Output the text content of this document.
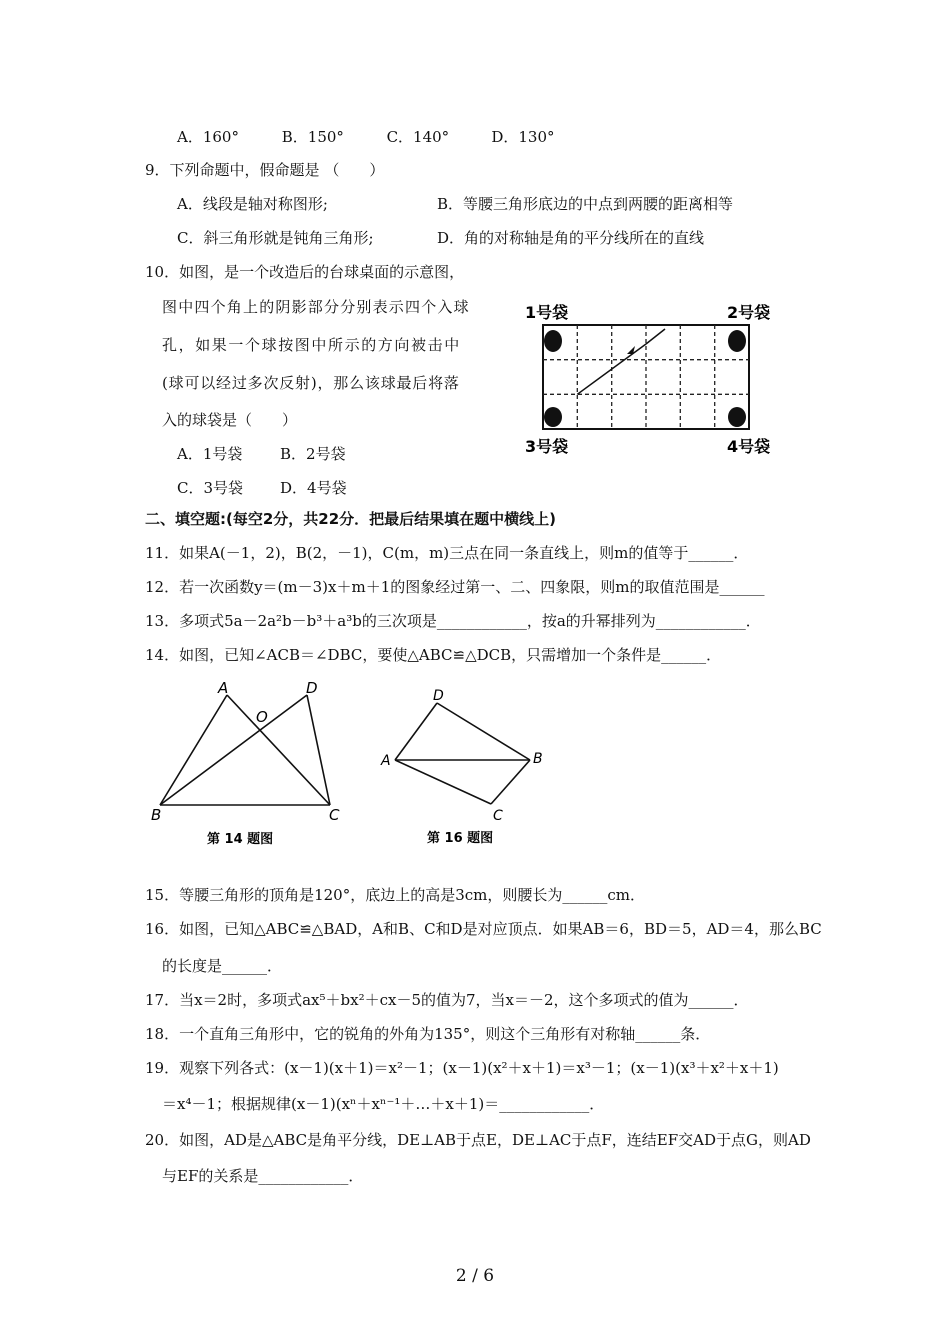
A．160°	B．150°	C．140°	D．130°
9．下列命题中，假命题是 （　　）
A．线段是轴对称图形;	B．等腰三角形底边的中点到两腰的距离相等
C．斜三角形就是钝角三角形;	D．角的对称轴是角的平分线所在的直线
10．如图，是一个改造后的台球桌面的示意图，
图中四个角上的阴影部分分别表示四个入球
孔，如果一个球按图中所示的方向被击中
(球可以经过多次反射)，那么该球最后将落
入的球袋是（　　）
A．1号袋	B．2号袋
C．3号袋 D．4号袋
1号袋	2号袋
3号袋	4号袋
二、填空题:(每空2分，共22分．把最后结果填在题中横线上)
11．如果A(－1，2)，B(2，－1)，C(m，m)三点在同一条直线上，则m的值等于______．
12．若一次函数y＝(m－3)x＋m＋1的图象经过第一、二、四象限，则m的取值范围是______
13．多项式5a－2a²b－b³＋a³b的三次项是____________，按a的升幂排列为____________．
14．如图，已知∠ACB＝∠DBC，要使△ABC≌△DCB，只需增加一个条件是______．
A	D
O
B	C
第 14 题图
D
A	B
C
第 16 题图
15．等腰三角形的顶角是120°，底边上的高是3cm，则腰长为______cm．
16．如图，已知△ABC≌△BAD，A和B、C和D是对应顶点．如果AB＝6，BD＝5，AD＝4，那么BC
的长度是______．
17．当x＝2时，多项式ax⁵＋bx²＋cx－5的值为7，当x＝－2，这个多项式的值为______．
18．一个直角三角形中，它的锐角的外角为135°，则这个三角形有对称轴______条．
19．观察下列各式：(x－1)(x＋1)＝x²－1；(x－1)(x²＋x＋1)＝x³－1；(x－1)(x³＋x²＋x＋1)
＝x⁴－1；根据规律(x－1)(xⁿ＋xⁿ⁻¹＋…＋x＋1)＝____________．
20．如图，AD是△ABC是角平分线，DE⊥AB于点E，DE⊥AC于点F，连结EF交AD于点G，则AD
与EF的关系是____________．
2 / 6
